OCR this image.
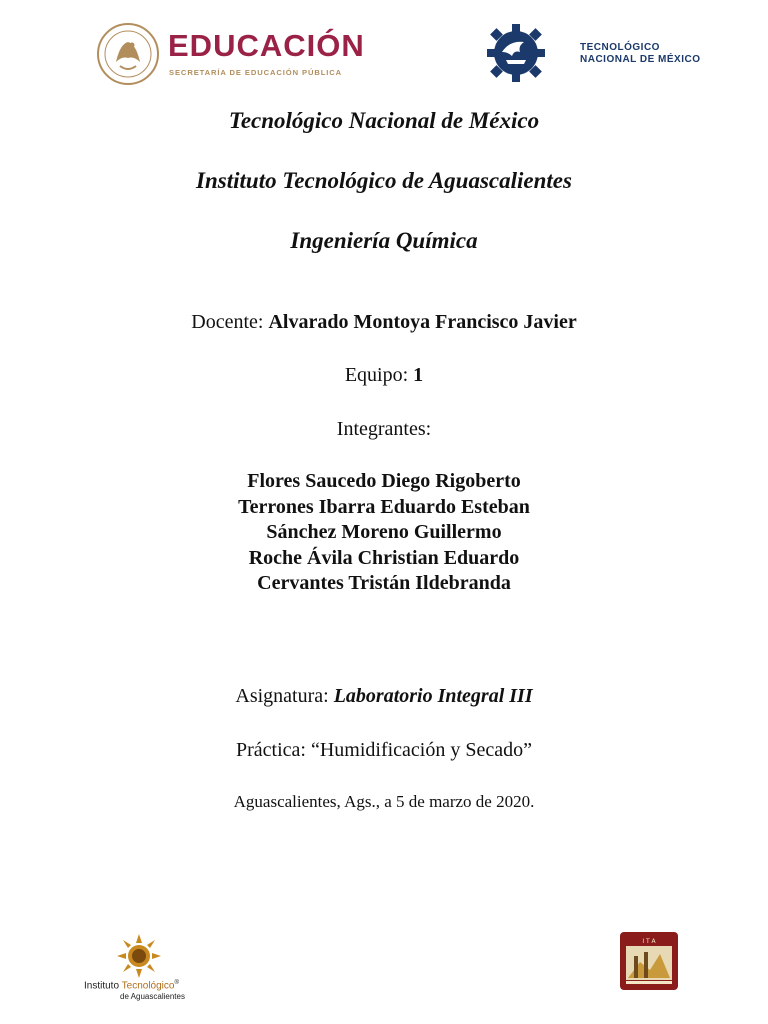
EDUCACIÓN
SECRETARÍA DE EDUCACIÓN PÚBLICA
TECNOLÓGICO
NACIONAL DE MÉXICO
Tecnológico Nacional de México
Instituto Tecnológico de Aguascalientes
Ingeniería Química
Docente: Alvarado Montoya Francisco Javier
Equipo: 1
Integrantes:
Flores Saucedo Diego Rigoberto
Terrones Ibarra Eduardo Esteban
Sánchez Moreno Guillermo
Roche Ávila Christian Eduardo
Cervantes Tristán Ildebranda
Asignatura: Laboratorio Integral III
Práctica: “Humidificación y Secado”
Aguascalientes, Ags., a 5 de marzo de 2020.
Instituto Tecnológico®
de Aguascalientes
I T A
